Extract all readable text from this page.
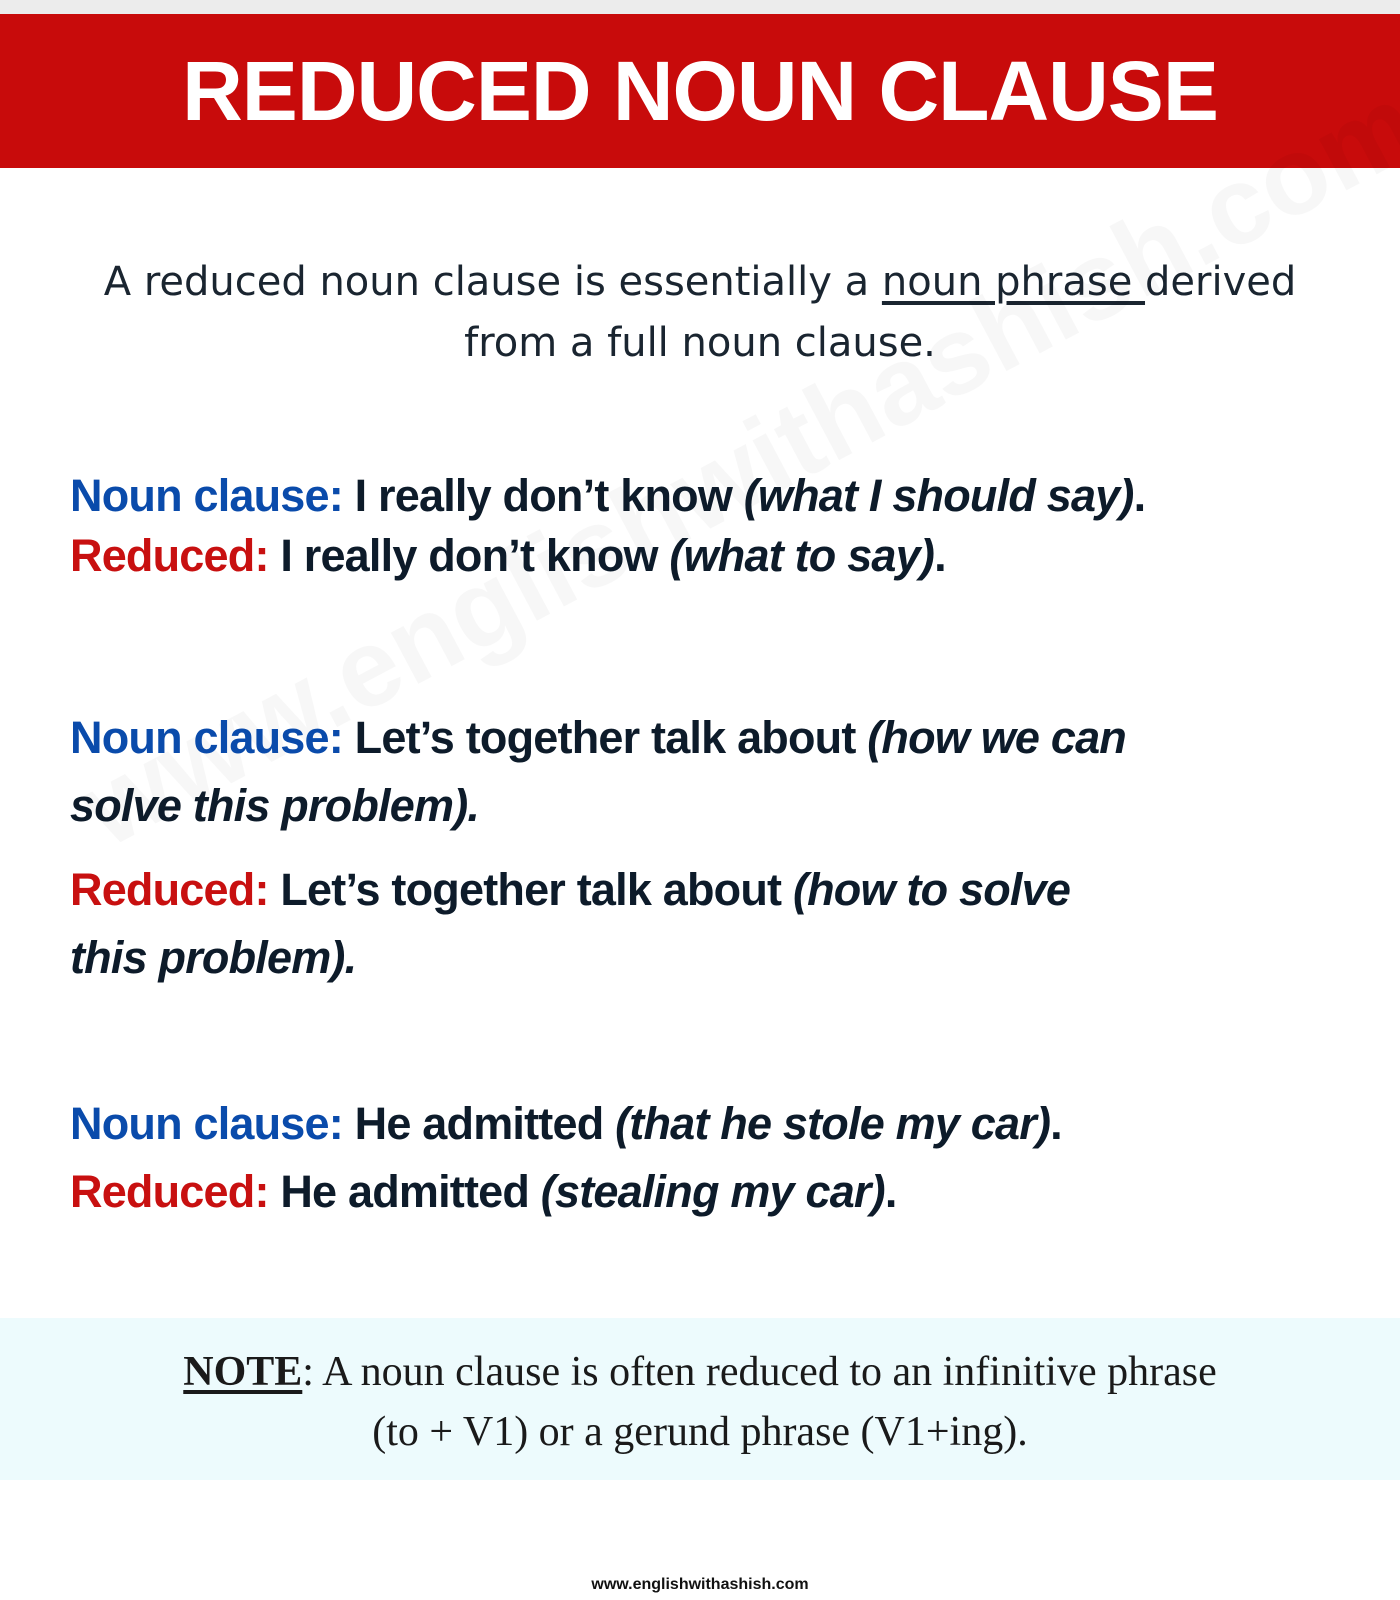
REDUCED NOUN CLAUSE
A reduced noun clause is essentially a noun phrase derived
from a full noun clause.
Noun clause: I really don’t know (what I should say).
Reduced: I really don’t know (what to say).
Noun clause: Let’s together talk about (how we can
solve this problem).
Reduced: Let’s together talk about (how to solve
this problem).
Noun clause: He admitted (that he stole my car).
Reduced: He admitted (stealing my car).
NOTE: A noun clause is often reduced to an infinitive phrase
(to + V1) or a gerund phrase (V1+ing).
www.englishwithashish.com
